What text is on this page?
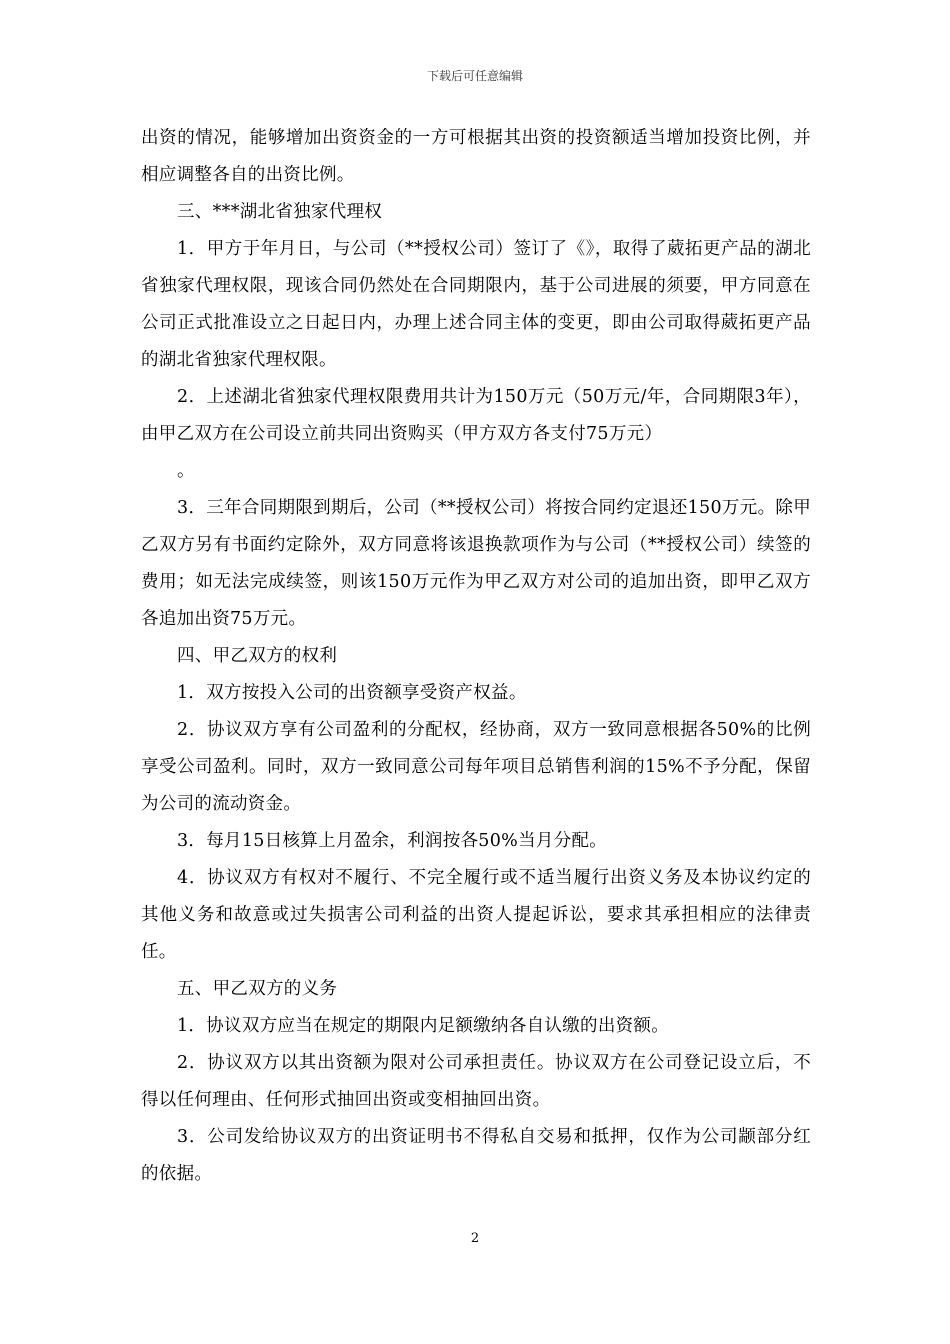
下载后可任意编辑

出资的情况，能够增加出资资金的一方可根据其出资的投资额适当增加投资比例，并相应调整各自的出资比例。

三、***湖北省独家代理权

1．甲方于年月日，与公司（**授权公司）签订了《》，取得了葳拓更产品的湖北省独家代理权限，现该合同仍然处在合同期限内，基于公司进展的须要，甲方同意在公司正式批准设立之日起日内，办理上述合同主体的变更，即由公司取得葳拓更产品的湖北省独家代理权限。

2．上述湖北省独家代理权限费用共计为150万元（50万元/年，合同期限3年），由甲乙双方在公司设立前共同出资购买（甲方双方各支付75万元）

。

3．三年合同期限到期后，公司（**授权公司）将按合同约定退还150万元。除甲乙双方另有书面约定除外，双方同意将该退换款项作为与公司（**授权公司）续签的费用；如无法完成续签，则该150万元作为甲乙双方对公司的追加出资，即甲乙双方各追加出资75万元。

四、甲乙双方的权利

1．双方按投入公司的出资额享受资产权益。

2．协议双方享有公司盈利的分配权，经协商，双方一致同意根据各50%的比例享受公司盈利。同时，双方一致同意公司每年项目总销售利润的15%不予分配，保留为公司的流动资金。

3．每月15日核算上月盈余，利润按各50%当月分配。

4．协议双方有权对不履行、不完全履行或不适当履行出资义务及本协议约定的其他义务和故意或过失损害公司利益的出资人提起诉讼，要求其承担相应的法律责任。

五、甲乙双方的义务

1．协议双方应当在规定的期限内足额缴纳各自认缴的出资额。

2．协议双方以其出资额为限对公司承担责任。协议双方在公司登记设立后，不得以任何理由、任何形式抽回出资或变相抽回出资。

3．公司发给协议双方的出资证明书不得私自交易和抵押，仅作为公司颛部分红的依据。

2
